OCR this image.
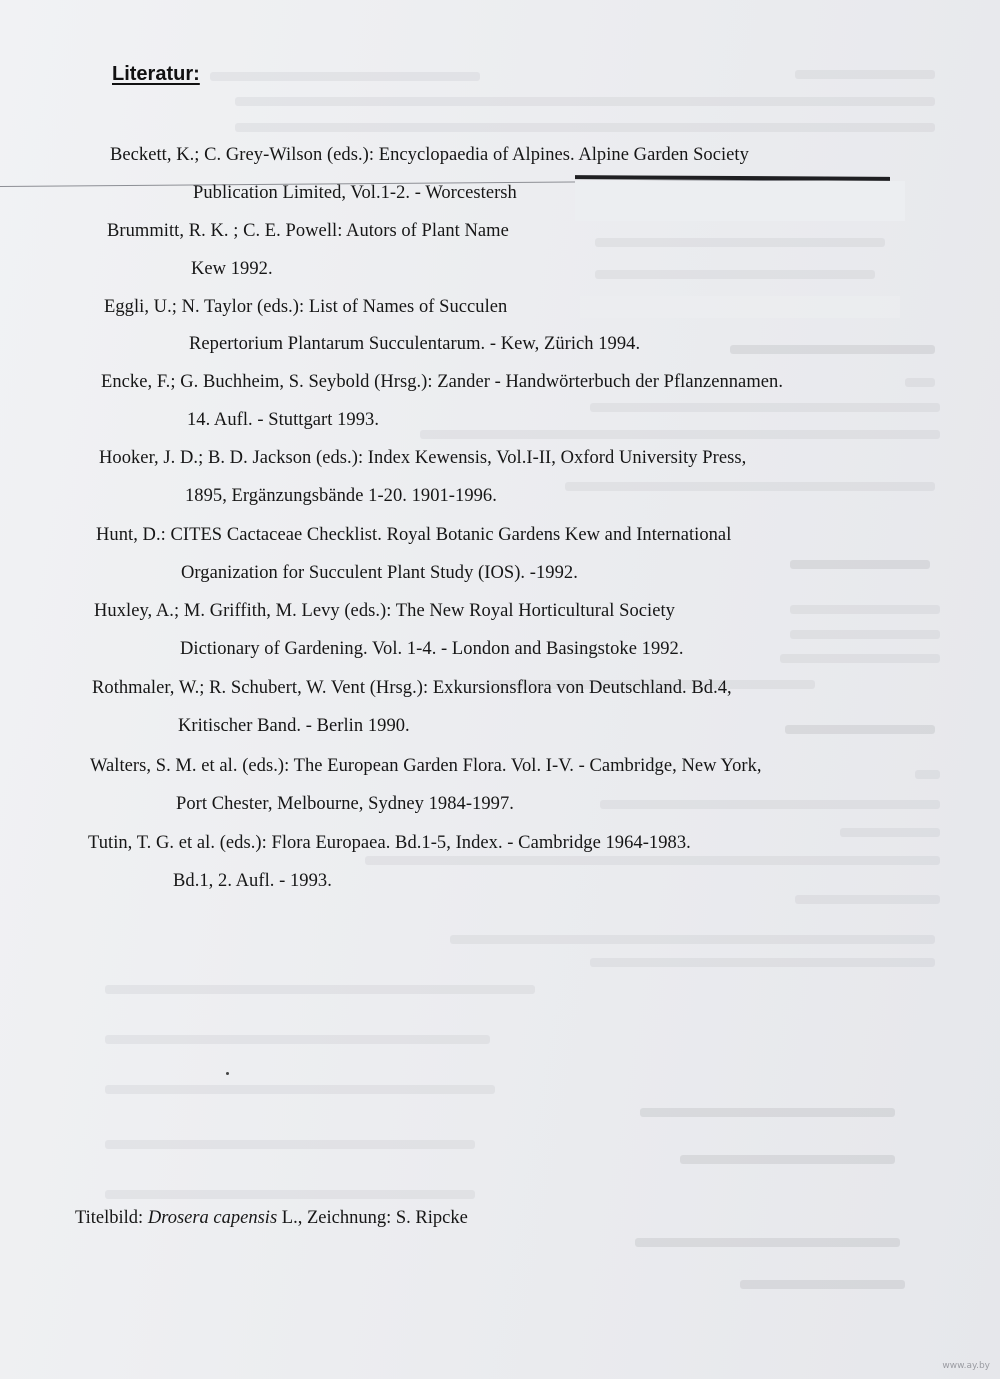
Literatur:
Beckett, K.; C. Grey-Wilson (eds.): Encyclopaedia of Alpines. Alpine Garden Society
Publication Limited, Vol.1-2. - Worcestersh
Brummitt, R. K. ; C. E. Powell: Autors of Plant Name
Kew 1992.
Eggli, U.; N. Taylor (eds.): List of Names of Succulen
Repertorium Plantarum Succulentarum. - Kew, Zürich 1994.
Encke, F.; G. Buchheim, S. Seybold (Hrsg.): Zander - Handwörterbuch der Pflanzennamen.
14. Aufl. - Stuttgart 1993.
Hooker, J. D.; B. D. Jackson (eds.): Index Kewensis, Vol.I-II, Oxford University Press,
1895, Ergänzungsbände 1-20. 1901-1996.
Hunt, D.: CITES Cactaceae Checklist. Royal Botanic Gardens Kew and International
Organization for Succulent Plant Study (IOS). -1992.
Huxley, A.; M. Griffith, M. Levy (eds.): The New Royal Horticultural Society
Dictionary of Gardening. Vol. 1-4. - London and Basingstoke 1992.
Rothmaler, W.; R. Schubert, W. Vent (Hrsg.): Exkursionsflora von Deutschland. Bd.4,
Kritischer Band. - Berlin 1990.
Walters, S. M. et al. (eds.): The European Garden Flora. Vol. I-V. - Cambridge, New York,
Port Chester, Melbourne, Sydney 1984-1997.
Tutin, T. G. et al. (eds.): Flora Europaea. Bd.1-5, Index. - Cambridge 1964-1983.
Bd.1, 2. Aufl. - 1993.
Titelbild: Drosera capensis L., Zeichnung: S. Ripcke
www.ay.by
